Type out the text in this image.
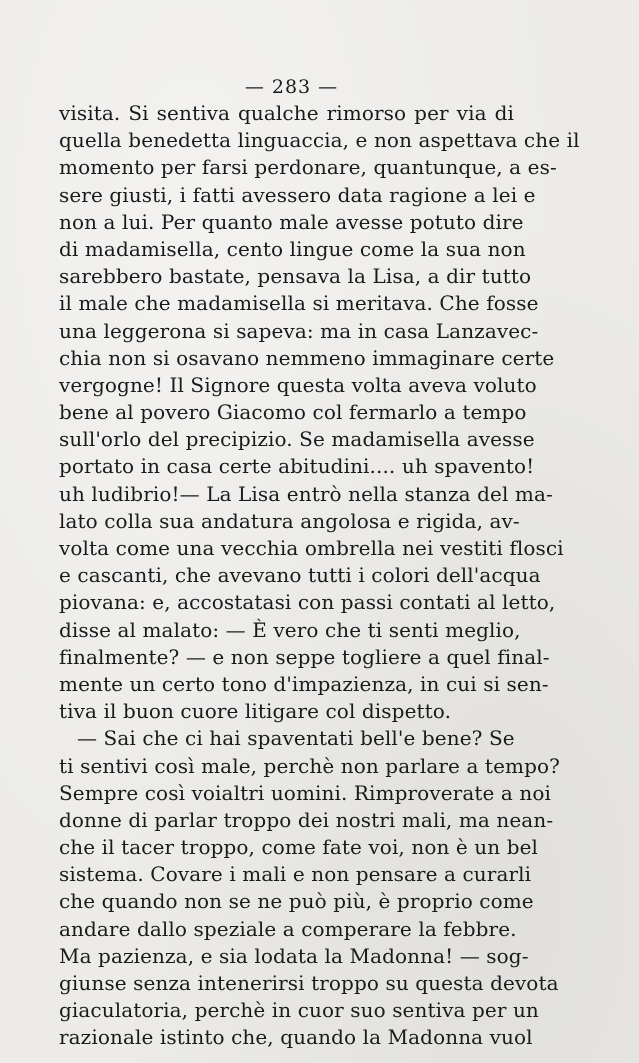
— 283 —
visita. Si sentiva qualche rimorso per via di
quella benedetta linguaccia, e non aspettava che il
momento per farsi perdonare, quantunque, a es-
sere giusti, i fatti avessero data ragione a lei e
non a lui. Per quanto male avesse potuto dire
di madamisella, cento lingue come la sua non
sarebbero bastate, pensava la Lisa, a dir tutto
il male che madamisella si meritava. Che fosse
una leggerona si sapeva: ma in casa Lanzavec-
chia non si osavano nemmeno immaginare certe
vergogne! Il Signore questa volta aveva voluto
bene al povero Giacomo col fermarlo a tempo
sull'orlo del precipizio. Se madamisella avesse
portato in casa certe abitudini.... uh spavento!
uh ludibrio!— La Lisa entrò nella stanza del ma-
lato colla sua andatura angolosa e rigida, av-
volta come una vecchia ombrella nei vestiti flosci
e cascanti, che avevano tutti i colori dell'acqua
piovana: e, accostatasi con passi contati al letto,
disse al malato: — È vero che ti senti meglio,
finalmente? — e non seppe togliere a quel final-
mente un certo tono d'impazienza, in cui si sen-
tiva il buon cuore litigare col dispetto.
— Sai che ci hai spaventati bell'e bene? Se
ti sentivi così male, perchè non parlare a tempo?
Sempre così voialtri uomini. Rimproverate a noi
donne di parlar troppo dei nostri mali, ma nean-
che il tacer troppo, come fate voi, non è un bel
sistema. Covare i mali e non pensare a curarli
che quando non se ne può più, è proprio come
andare dallo speziale a comperare la febbre.
Ma pazienza, e sia lodata la Madonna! — sog-
giunse senza intenerirsi troppo su questa devota
giaculatoria, perchè in cuor suo sentiva per un
razionale istinto che, quando la Madonna vuol
